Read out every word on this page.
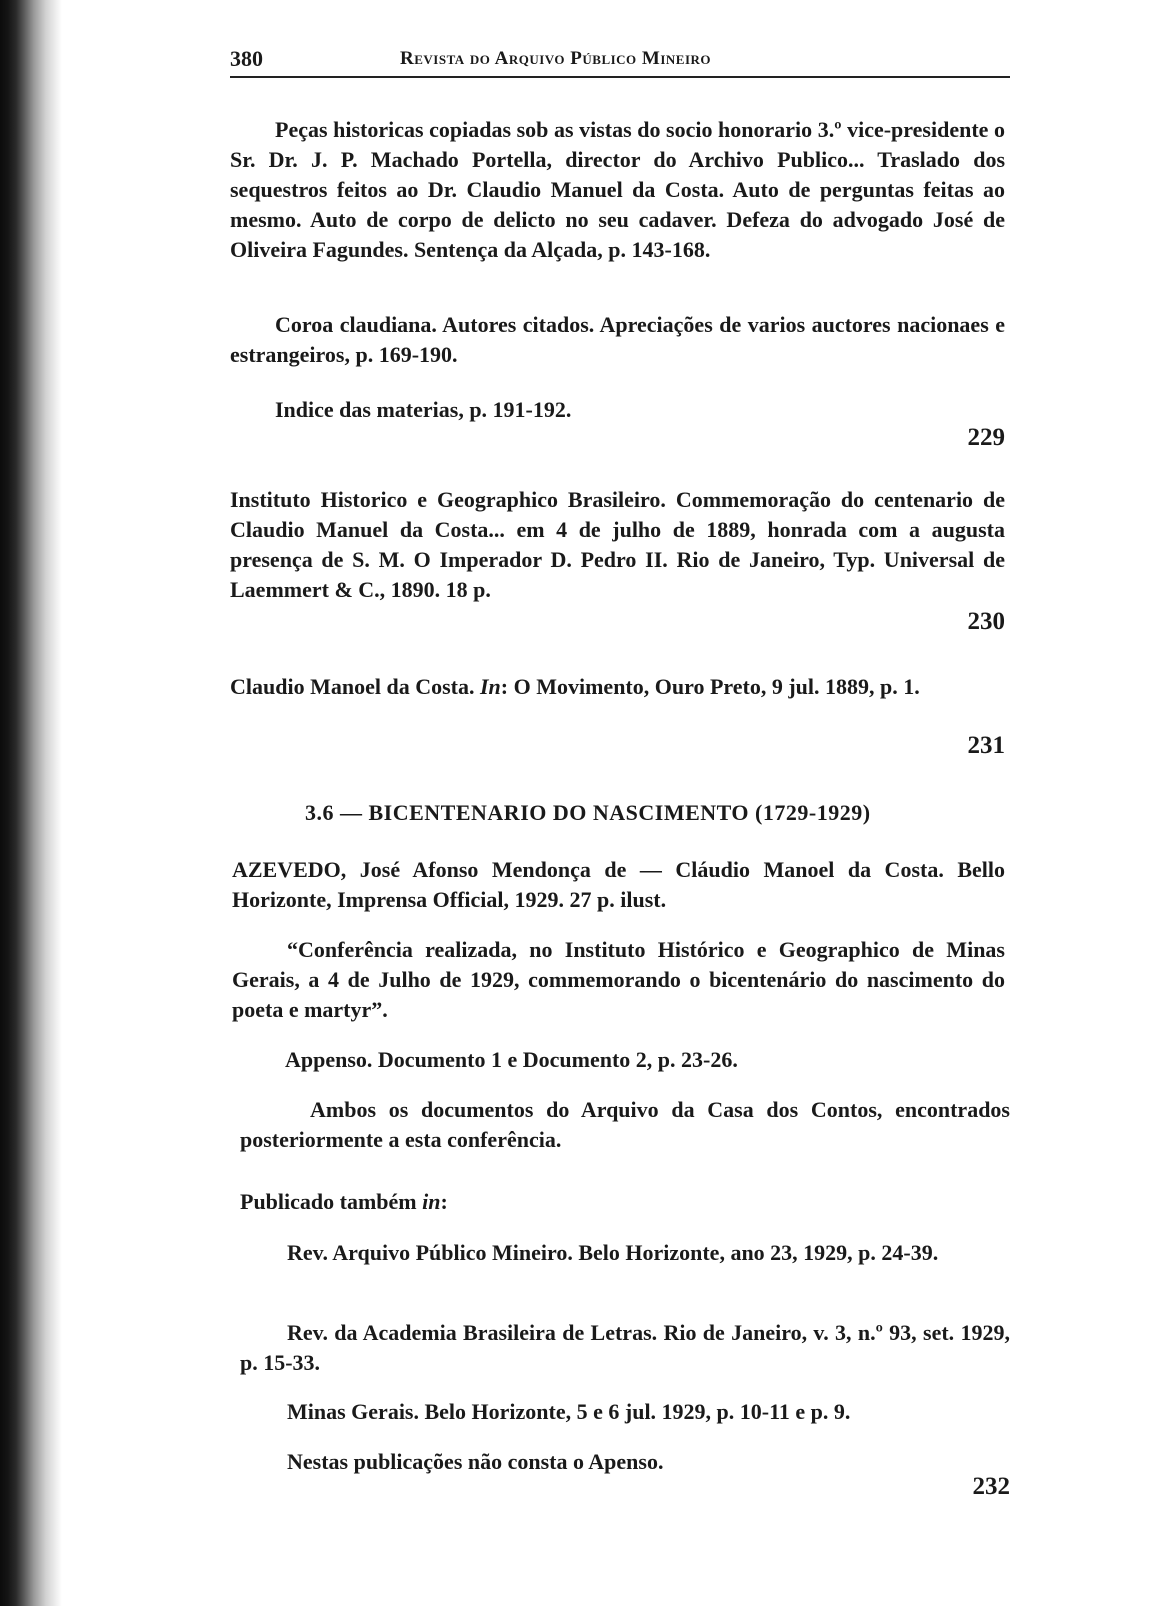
380	Revista do Arquivo Público Mineiro

Peças historicas copiadas sob as vistas do socio honorario 3.º vice-presidente o Sr. Dr. J. P. Machado Portella, director do Archivo Publico... Traslado dos sequestros feitos ao Dr. Claudio Manuel da Costa. Auto de perguntas feitas ao mesmo. Auto de corpo de delicto no seu cadaver. Defeza do advogado José de Oliveira Fagundes. Sentença da Alçada, p. 143-168.

Coroa claudiana. Autores citados. Apreciações de varios auctores nacionaes e estrangeiros, p. 169-190.

Indice das materias, p. 191-192.

229

Instituto Historico e Geographico Brasileiro. Commemoração do centenario de Claudio Manuel da Costa... em 4 de julho de 1889, honrada com a augusta presença de S. M. O Imperador D. Pedro II. Rio de Janeiro, Typ. Universal de Laemmert & C., 1890. 18 p.

230

Claudio Manoel da Costa. In: O Movimento, Ouro Preto, 9 jul. 1889, p. 1.

231
3.6 — BICENTENARIO DO NASCIMENTO (1729-1929)

AZEVEDO, José Afonso Mendonça de — Cláudio Manoel da Costa. Bello Horizonte, Imprensa Official, 1929. 27 p. ilust.

“Conferência realizada, no Instituto Histórico e Geographico de Minas Gerais, a 4 de Julho de 1929, commemorando o bicentenário do nascimento do poeta e martyr”.

Appenso. Documento 1 e Documento 2, p. 23-26.

Ambos os documentos do Arquivo da Casa dos Contos, encontrados posteriormente a esta conferência.

Publicado também in:

Rev. Arquivo Público Mineiro. Belo Horizonte, ano 23, 1929, p. 24-39.

Rev. da Academia Brasileira de Letras. Rio de Janeiro, v. 3, n.º 93, set. 1929, p. 15-33.

Minas Gerais. Belo Horizonte, 5 e 6 jul. 1929, p. 10-11 e p. 9.

Nestas publicações não consta o Apenso.

232
